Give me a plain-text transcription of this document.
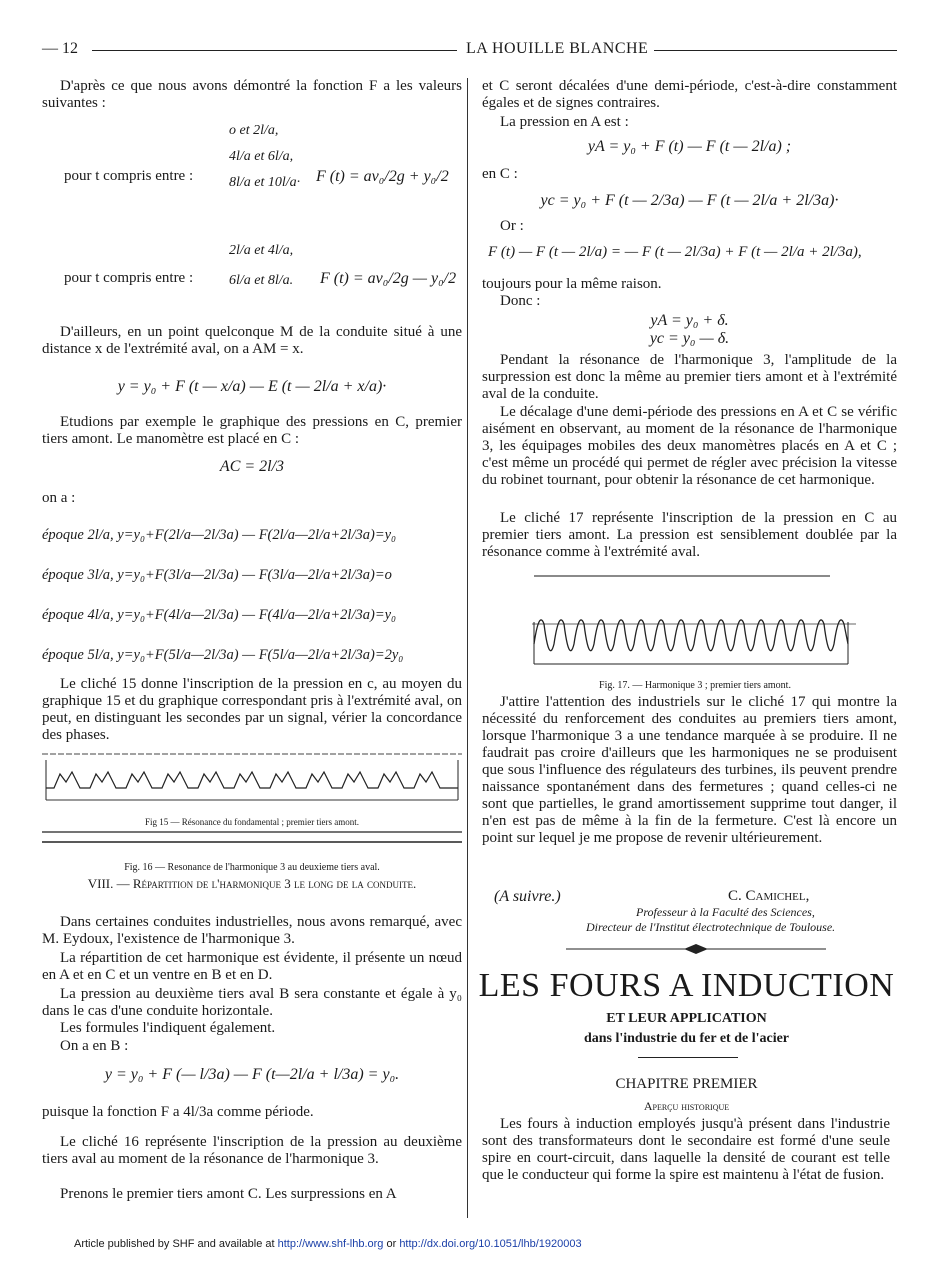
— 12	LA HOUILLE BLANCHE

D'après ce que nous avons démontré la fonction F a les valeurs suivantes :

pour t compris entre :
o et 2l/a,
4l/a et 6l/a,
8l/a et 10l/a· F (t) = av₀/2g + y₀/2
pour t compris entre :
2l/a et 4l/a,
6l/a et 8l/a. F (t) = av₀/2g — y₀/2

D'ailleurs, en un point quelconque M de la conduite situé à une distance x de l'extrémité aval, on a AM = x.

y = y₀ + F (t — x/a) — E (t — 2l/a + x/a)·

Etudions par exemple le graphique des pressions en C, premier tiers amont. Le manomètre est placé en C :

AC = 2l/3

on a :

époque 2l/a, y=y₀+F(2l/a—2l/3a) — F(2l/a—2l/a+2l/3a)=y₀
époque 3l/a, y=y₀+F(3l/a—2l/3a) — F(3l/a—2l/a+2l/3a)=o
époque 4l/a, y=y₀+F(4l/a—2l/3a) — F(4l/a—2l/a+2l/3a)=y₀
époque 5l/a, y=y₀+F(5l/a—2l/3a) — F(5l/a—2l/a+2l/3a)=2y₀

Le cliché 15 donne l'inscription de la pression en c, au moyen du graphique 15 et du graphique correspondant pris à l'extrémité aval, on peut, en distinguant les secondes par un signal, vérier la concordance des phases.

Fig 15 — Résonance du fondamental ; premier tiers amont.

Fig. 16 — Resonance de l'harmonique 3 au deuxieme tiers aval.

VIII. — Répartition de l'harmonique 3 le long de la conduite.

Dans certaines conduites industrielles, nous avons remarqué, avec M. Eydoux, l'existence de l'harmonique 3.

La répartition de cet harmonique est évidente, il présente un nœud en A et en C et un ventre en B et en D.

La pression au deuxième tiers aval B sera constante et égale à y₀ dans le cas d'une conduite horizontale.

Les formules l'indiquent également.

On a en B :

y = y₀ + F (— l/3a) — F (t—2l/a + l/3a) = y₀.

puisque la fonction F a 4l/3a comme période.

Le cliché 16 représente l'inscription de la pression au deuxième tiers aval au moment de la résonance de l'harmonique 3.

Prenons le premier tiers amont C. Les surpressions en A

et C seront décalées d'une demi-période, c'est-à-dire constamment égales et de signes contraires.

La pression en A est :

yA = y₀ + F (t) — F (t — 2l/a) ;

en C :

yc = y₀ + F (t — 2/3a) — F (t — 2l/a + 2l/3a)·

Or :

F (t) — F (t — 2l/a) = — F (t — 2l/3a) + F (t — 2l/a + 2l/3a),

toujours pour la même raison.

Donc :

yA = y₀ + δ.

yc = y₀ — δ.

Pendant la résonance de l'harmonique 3, l'amplitude de la surpression est donc la même au premier tiers amont et à l'extrémité aval de la conduite.

Le décalage d'une demi-période des pressions en A et C se vérific aisément en observant, au moment de la résonance de l'harmonique 3, les équipages mobiles des deux manomètres placés en A et C ; c'est même un procédé qui permet de régler avec précision la vitesse du robinet tournant, pour obtenir la résonance de cet harmonique.

Le cliché 17 représente l'inscription de la pression en C au premier tiers amont. La pression est sensiblement doublée par la résonance comme à l'extrémité aval.

Fig. 17. — Harmonique 3 ; premier tiers amont.

J'attire l'attention des industriels sur le cliché 17 qui montre la nécessité du renforcement des conduites au premiers tiers amont, lorsque l'harmonique 3 a une tendance marquée à se produire. Il ne faudrait pas croire d'ailleurs que les harmoniques ne se produisent que sous l'influence des régulateurs des turbines, ils peuvent prendre naissance spontanément dans des fermetures ; quand celles-ci ne sont que partielles, le grand amortissement supprime tout danger, il n'en est pas de même à la fin de la fermeture. C'est là encore un point sur lequel je me propose de revenir ultérieurement.

(A suivre.)	C. Camichel,

Professeur à la Faculté des Sciences,

Directeur de l'Institut électrotechnique de Toulouse.

LES FOURS A INDUCTION

ET LEUR APPLICATION

dans l'industrie du fer et de l'acier

CHAPITRE PREMIER

Aperçu historique

Les fours à induction employés jusqu'à présent dans l'industrie sont des transformateurs dont le secondaire est formé d'une seule spire en court-circuit, dans laquelle la densité de courant est telle que le conducteur qui forme la spire est maintenu à l'état de fusion.

Article published by SHF and available at http://www.shf-lhb.org or http://dx.doi.org/10.1051/lhb/1920003
